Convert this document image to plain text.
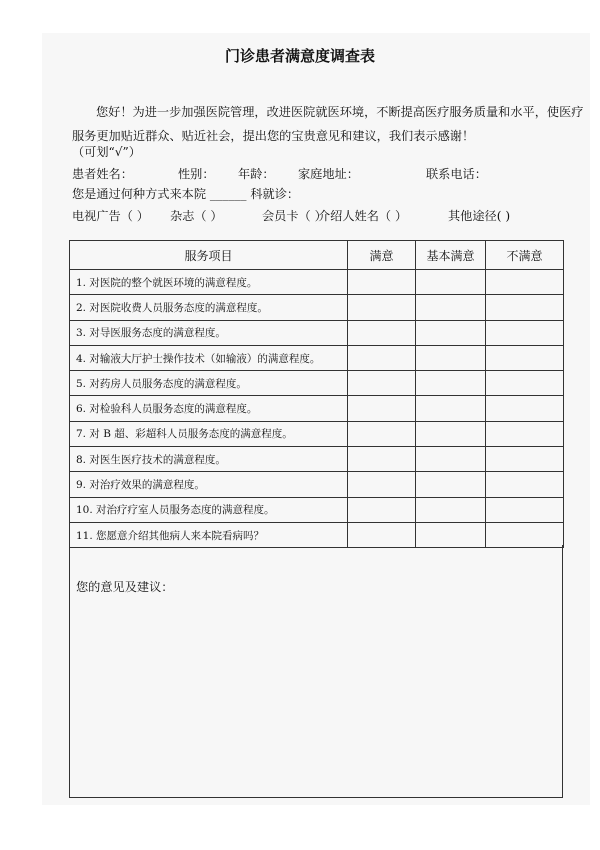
门诊患者满意度调查表
您好！为进一步加强医院管理，改进医院就医环境，不断提高医疗服务质量和水平，使医疗服务更加贴近群众、贴近社会，提出您的宝贵意见和建议，我们表示感谢！
（可划“√”）
患者姓名：	性别： 年龄： 家庭地址：	联系电话：
您是通过何种方式来本院 ______ 科就诊：
电视广告（ ） 杂志（ ）	会员卡（ ）
介绍人姓名（ ）	其他途径( )
服务项目	满意	基本满意	不满意
1. 对医院的整个就医环境的满意程度。			
2. 对医院收费人员服务态度的满意程度。			
3. 对导医服务态度的满意程度。			
4. 对输液大厅护士操作技术（如输液）的满意程度。			
5. 对药房人员服务态度的满意程度。			
6. 对检验科人员服务态度的满意程度。			
7. 对 B 超、彩超科人员服务态度的满意程度。			
8. 对医生医疗技术的满意程度。			
9. 对治疗效果的满意程度。			
10. 对治疗疗室人员服务态度的满意程度。			
11. 您愿意介绍其他病人来本院看病吗？			
您的意见及建议：
